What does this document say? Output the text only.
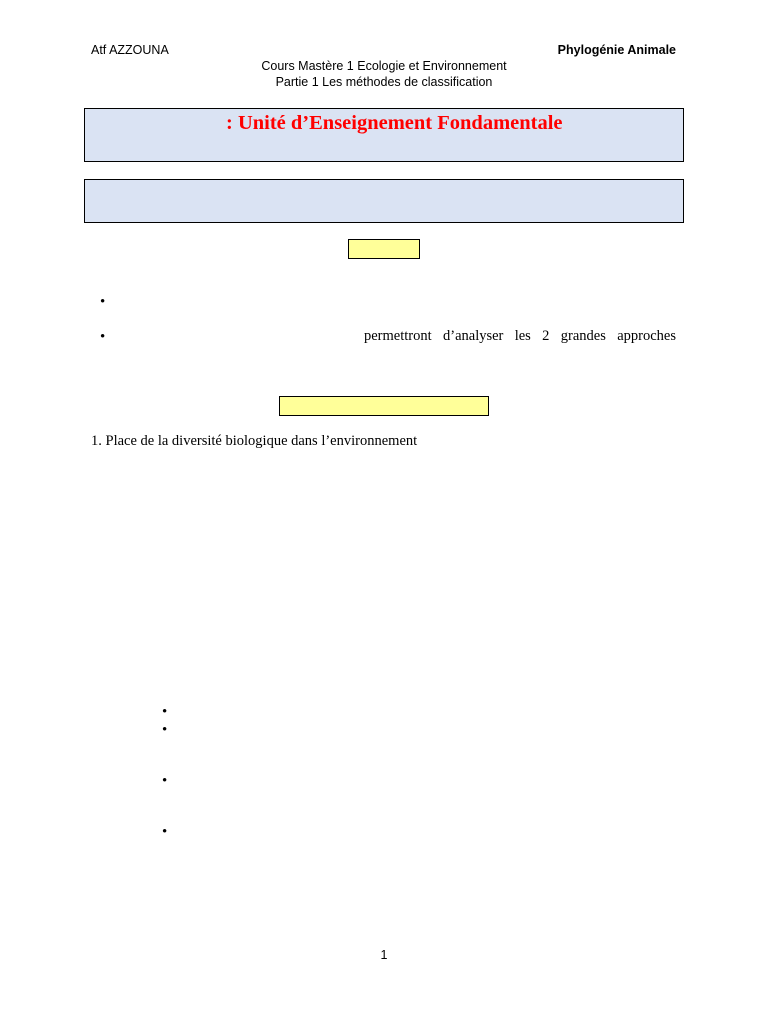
Atf AZZOUNA	Phylogénie Animale
Cours Mastère 1 Ecologie et Environnement
Partie 1 Les méthodes de classification
: Unité d’Enseignement Fondamentale
•
•	permettront d’analyser les 2 grandes approches
1. Place de la diversité biologique dans l’environnement
•
•
•
•
1
